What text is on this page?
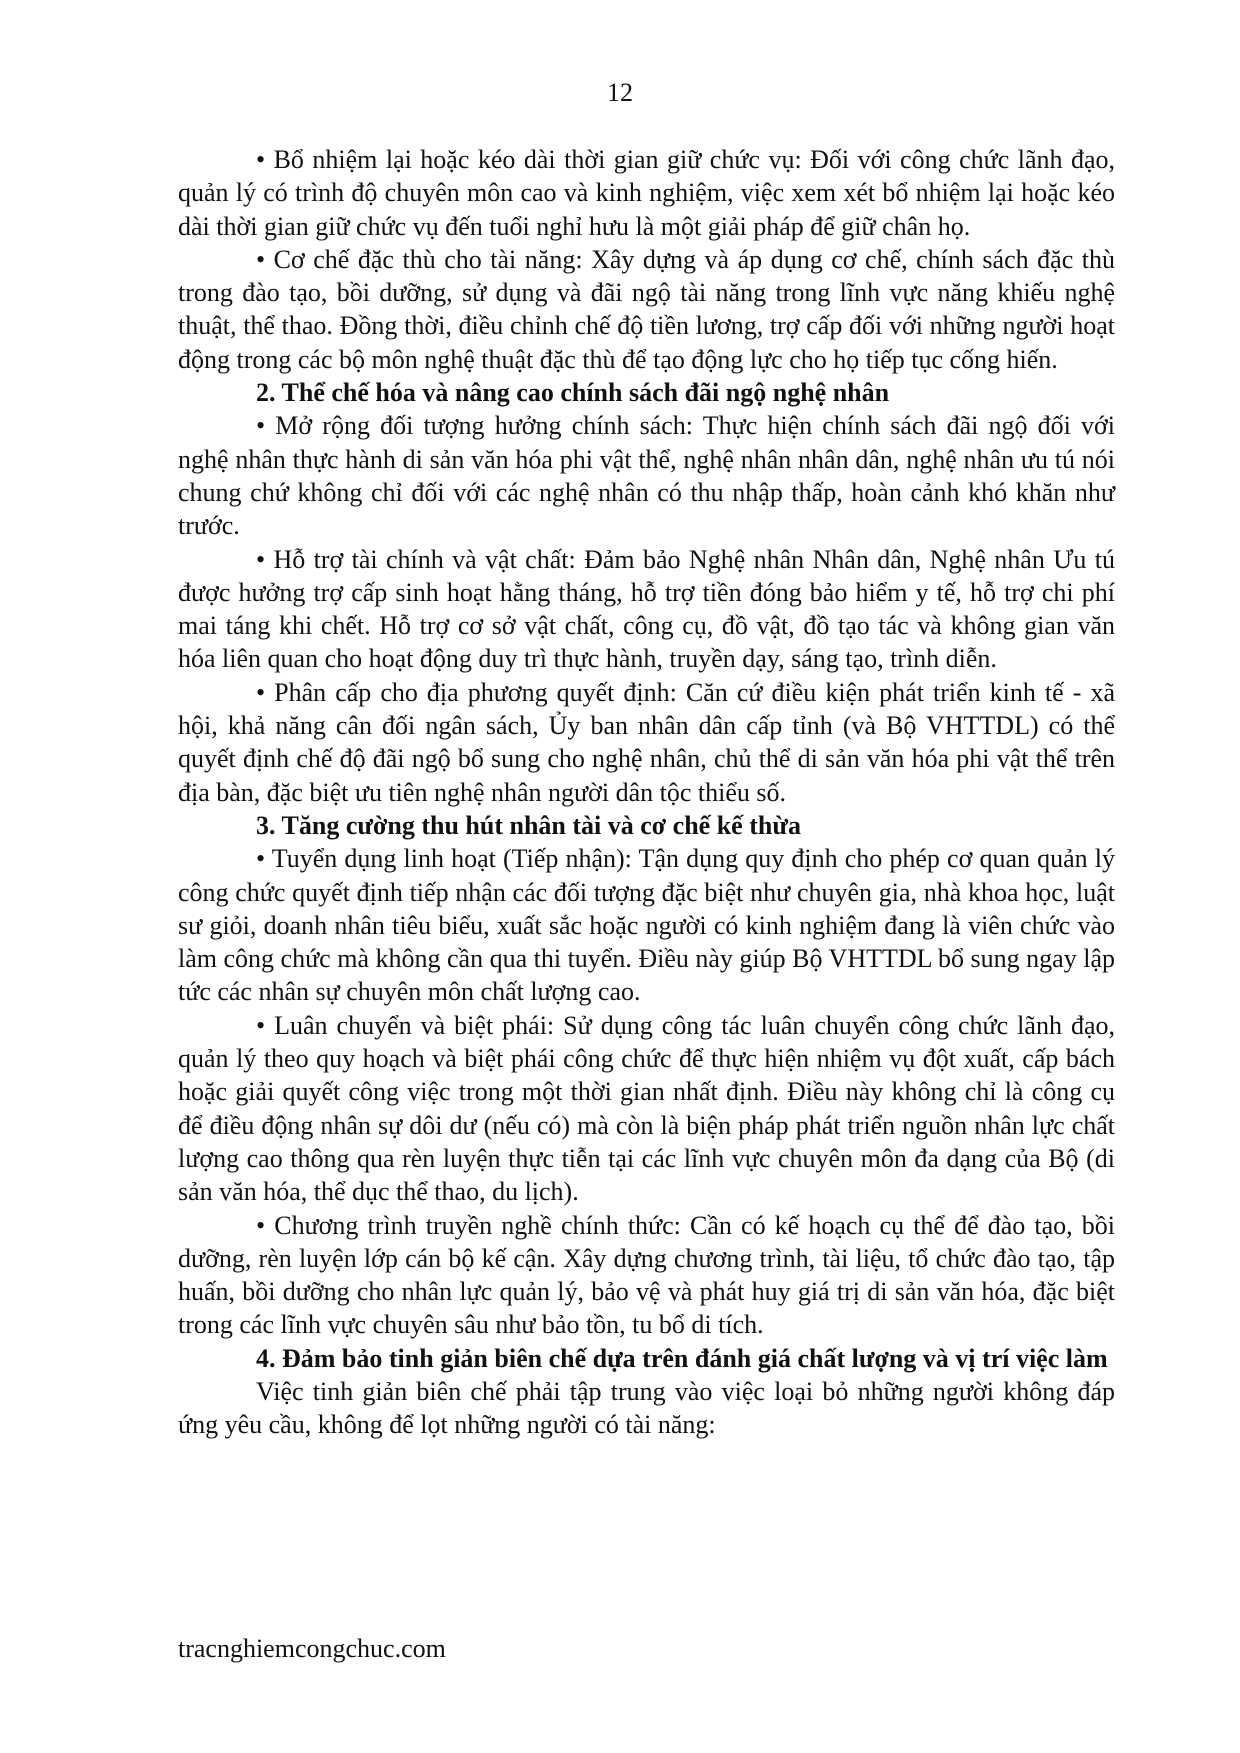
12

• Bổ nhiệm lại hoặc kéo dài thời gian giữ chức vụ: Đối với công chức lãnh đạo, quản lý có trình độ chuyên môn cao và kinh nghiệm, việc xem xét bổ nhiệm lại hoặc kéo dài thời gian giữ chức vụ đến tuổi nghỉ hưu là một giải pháp để giữ chân họ.

• Cơ chế đặc thù cho tài năng: Xây dựng và áp dụng cơ chế, chính sách đặc thù trong đào tạo, bồi dưỡng, sử dụng và đãi ngộ tài năng trong lĩnh vực năng khiếu nghệ thuật, thể thao. Đồng thời, điều chỉnh chế độ tiền lương, trợ cấp đối với những người hoạt động trong các bộ môn nghệ thuật đặc thù để tạo động lực cho họ tiếp tục cống hiến.

2. Thể chế hóa và nâng cao chính sách đãi ngộ nghệ nhân

• Mở rộng đối tượng hưởng chính sách: Thực hiện chính sách đãi ngộ đối với nghệ nhân thực hành di sản văn hóa phi vật thể, nghệ nhân nhân dân, nghệ nhân ưu tú nói chung chứ không chỉ đối với các nghệ nhân có thu nhập thấp, hoàn cảnh khó khăn như trước.

• Hỗ trợ tài chính và vật chất: Đảm bảo Nghệ nhân Nhân dân, Nghệ nhân Ưu tú được hưởng trợ cấp sinh hoạt hằng tháng, hỗ trợ tiền đóng bảo hiểm y tế, hỗ trợ chi phí mai táng khi chết. Hỗ trợ cơ sở vật chất, công cụ, đồ vật, đồ tạo tác và không gian văn hóa liên quan cho hoạt động duy trì thực hành, truyền dạy, sáng tạo, trình diễn.

• Phân cấp cho địa phương quyết định: Căn cứ điều kiện phát triển kinh tế - xã hội, khả năng cân đối ngân sách, Ủy ban nhân dân cấp tỉnh (và Bộ VHTTDL) có thể quyết định chế độ đãi ngộ bổ sung cho nghệ nhân, chủ thể di sản văn hóa phi vật thể trên địa bàn, đặc biệt ưu tiên nghệ nhân người dân tộc thiểu số.

3. Tăng cường thu hút nhân tài và cơ chế kế thừa

• Tuyển dụng linh hoạt (Tiếp nhận): Tận dụng quy định cho phép cơ quan quản lý công chức quyết định tiếp nhận các đối tượng đặc biệt như chuyên gia, nhà khoa học, luật sư giỏi, doanh nhân tiêu biểu, xuất sắc hoặc người có kinh nghiệm đang là viên chức vào làm công chức mà không cần qua thi tuyển. Điều này giúp Bộ VHTTDL bổ sung ngay lập tức các nhân sự chuyên môn chất lượng cao.

• Luân chuyển và biệt phái: Sử dụng công tác luân chuyển công chức lãnh đạo, quản lý theo quy hoạch và biệt phái công chức để thực hiện nhiệm vụ đột xuất, cấp bách hoặc giải quyết công việc trong một thời gian nhất định. Điều này không chỉ là công cụ để điều động nhân sự dôi dư (nếu có) mà còn là biện pháp phát triển nguồn nhân lực chất lượng cao thông qua rèn luyện thực tiễn tại các lĩnh vực chuyên môn đa dạng của Bộ (di sản văn hóa, thể dục thể thao, du lịch).

• Chương trình truyền nghề chính thức: Cần có kế hoạch cụ thể để đào tạo, bồi dưỡng, rèn luyện lớp cán bộ kế cận. Xây dựng chương trình, tài liệu, tổ chức đào tạo, tập huấn, bồi dưỡng cho nhân lực quản lý, bảo vệ và phát huy giá trị di sản văn hóa, đặc biệt trong các lĩnh vực chuyên sâu như bảo tồn, tu bổ di tích.

4. Đảm bảo tinh giản biên chế dựa trên đánh giá chất lượng và vị trí việc làm

Việc tinh giản biên chế phải tập trung vào việc loại bỏ những người không đáp ứng yêu cầu, không để lọt những người có tài năng:

tracnghiemcongchuc.com
